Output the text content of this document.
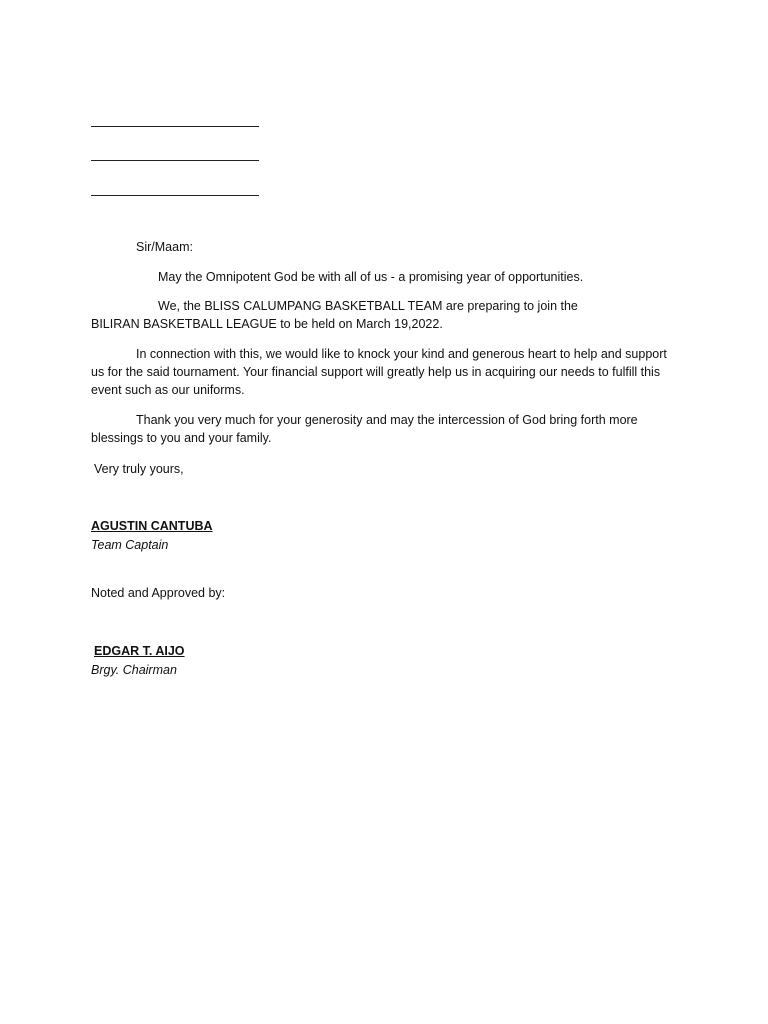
Sir/Maam:
May the Omnipotent God be with all of us - a promising year of opportunities.
We, the BLISS CALUMPANG BASKETBALL TEAM are preparing to join the BILIRAN BASKETBALL LEAGUE to be held on March 19,2022.
In connection with this, we would like to knock your kind and generous heart to help and support us for the said tournament. Your financial support will greatly help us in acquiring our needs to fulfill this event such as our uniforms.
Thank you very much for your generosity and may the intercession of God bring forth more blessings to you and your family.
Very truly yours,
AGUSTIN CANTUBA
Team Captain
Noted and Approved by:
EDGAR T. AIJO
Brgy. Chairman
